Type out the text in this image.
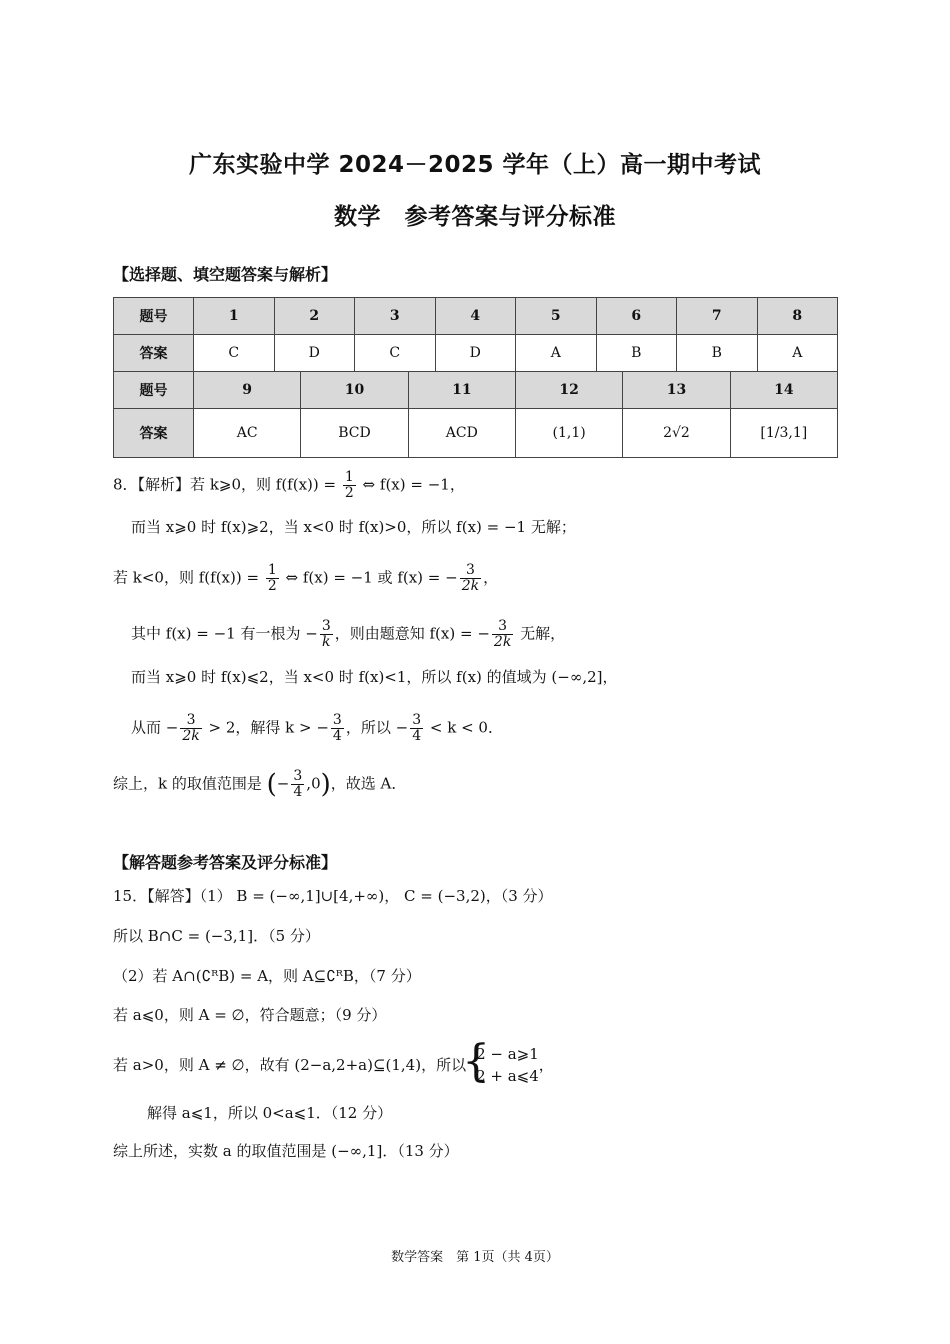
广东实验中学 2024－2025 学年（上）高一期中考试
数学　参考答案与评分标准
【选择题、填空题答案与解析】
题号	1	2	3	4	5	6	7	8
答案	C	D	C	D	A	B	B	A
题号	9	10	11	12	13	14
答案	AC	BCD	ACD	(1,1)	2√2	[1/3,1]
8．【解析】若 k⩾0，则 $f(f(x)) = \frac{1}{2}$ ⇔ f(x) = −1，
而当 x⩾0 时 f(x)⩾2，当 x<0 时 f(x)>0，所以 f(x) = −1 无解；
若 k<0，则 $f(f(x)) = \frac{1}{2}$ ⇔ f(x) = −1 或 f(x) = − $\frac{3}{2k}$ ，
其中 f(x) = −1 有一根为 − $\frac{3}{k}$ ，则由题意知 f(x) = − $\frac{3}{2k}$ 无解，
而当 x⩾0 时 f(x)⩽2，当 x<0 时 f(x)<1，所以 f(x) 的值域为 (−∞,2]，
从而 − $\frac{3}{2k} > 2$，解得 k > − $\frac{3}{4}$ ，所以 − $\frac{3}{4} < k < 0$．
综上，k 的取值范围是 (− $\frac{3}{4} ,0$)，故选 A．
【解答题参考答案及评分标准】
15．【解答】（1） B = (−∞,1]∪[4,+∞)， C = (−3,2)，（3 分）
所以 B∩C = (−3,1]．（5 分）
（2）若 A∩(∁ᴿB) = A，则 A⊆∁ᴿB，（7 分）
若 a⩽0，则 A = ∅，符合题意；（9 分）
若 a>0，则 A ≠ ∅，故有 (2−a,2+a)⊆(1,4)，所以
{ 2 − a⩾1
2 + a⩽4
，
解得 a⩽1，所以 0<a⩽1．（12 分）
综上所述，实数 a 的取值范围是 (−∞,1]．（13 分）
数学答案　第 1页（共 4页）
